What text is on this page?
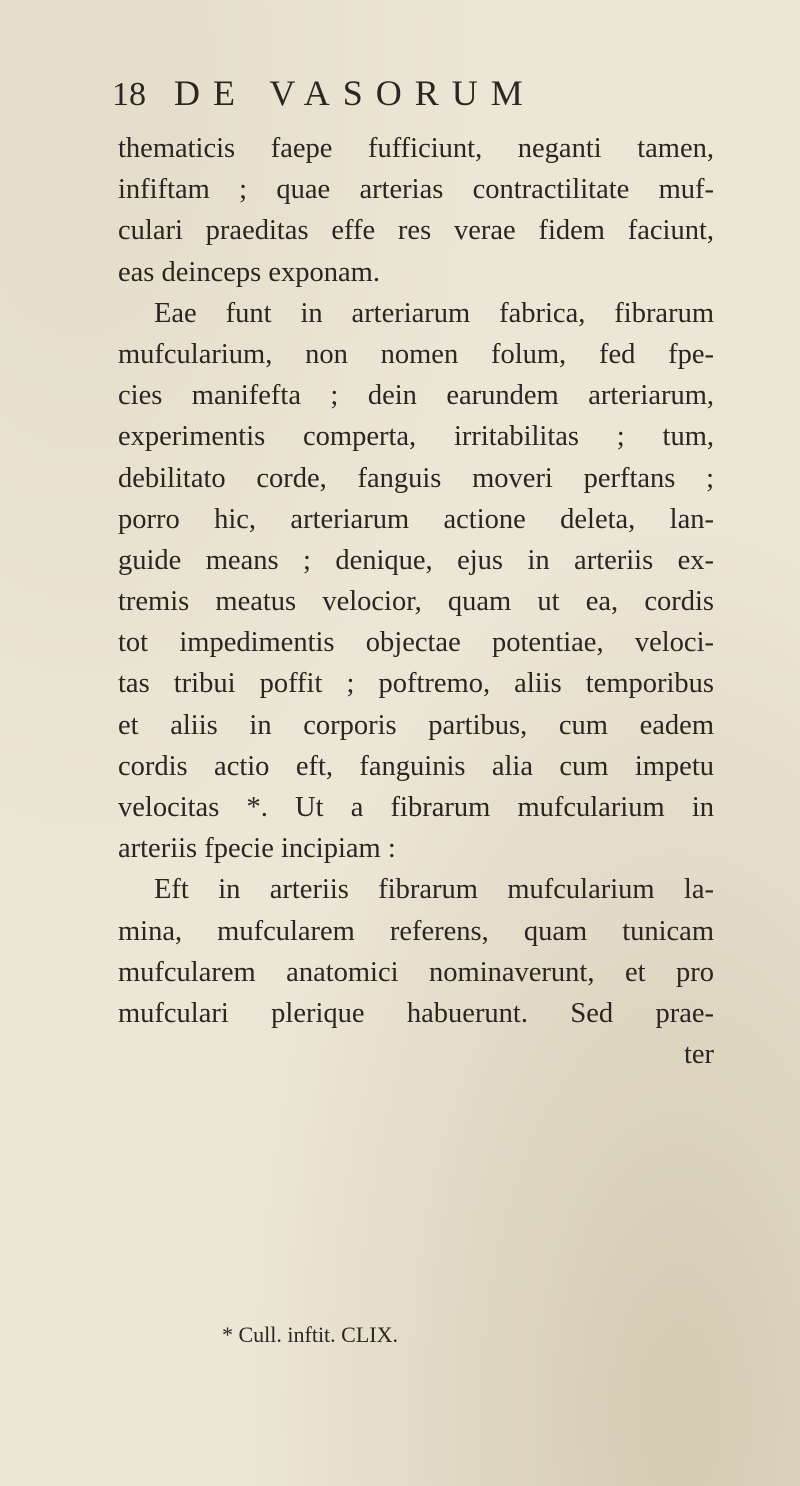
18 DE VASORUM
thematicis faepe fufficiunt, neganti tamen,
infiftam ; quae arterias contractilitate muf-
culari praeditas effe res verae fidem faciunt,
eas deinceps exponam.
Eae funt in arteriarum fabrica, fibrarum
mufcularium, non nomen folum, fed fpe-
cies manifefta ; dein earundem arteriarum,
experimentis comperta, irritabilitas ; tum,
debilitato corde, fanguis moveri perftans ;
porro hic, arteriarum actione deleta, lan-
guide means ; denique, ejus in arteriis ex-
tremis meatus velocior, quam ut ea, cordis
tot impedimentis objectae potentiae, veloci-
tas tribui poffit ; poftremo, aliis temporibus
et aliis in corporis partibus, cum eadem
cordis actio eft, fanguinis alia cum impetu
velocitas *. Ut a fibrarum mufcularium in
arteriis fpecie incipiam :
Eft in arteriis fibrarum mufcularium la-
mina, mufcularem referens, quam tunicam
mufcularem anatomici nominaverunt, et pro
mufculari plerique habuerunt. Sed prae-
ter
* Cull. inftit. CLIX.
